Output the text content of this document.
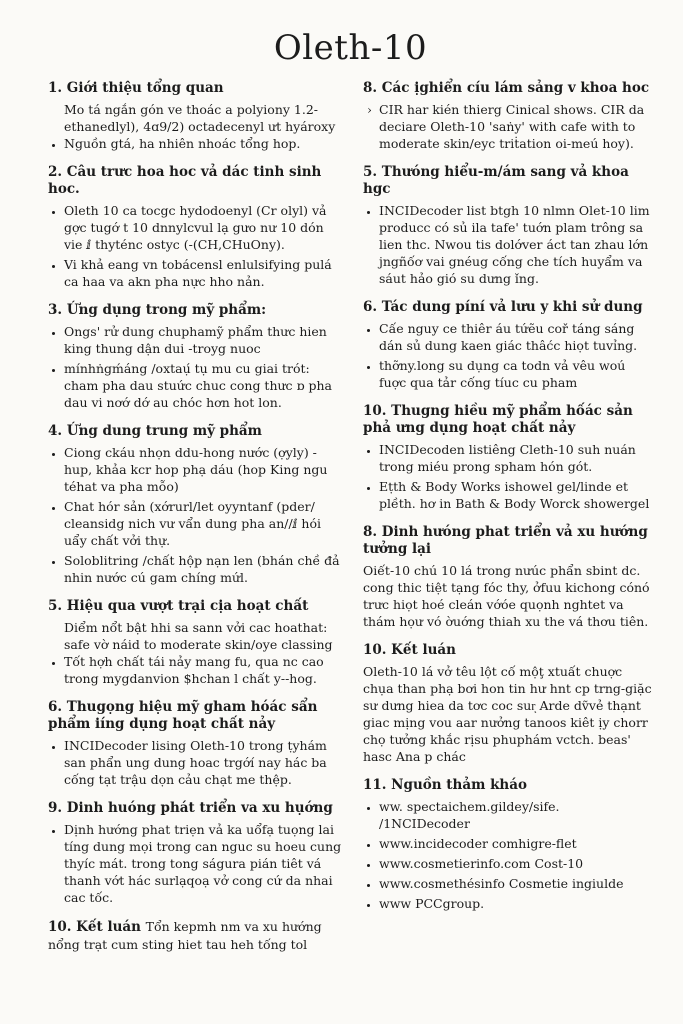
Oleth-10
1. Giới thiệu tổng quan

Mo tá ngắn gón ve thoác a polyiony 1.2-ethanedlyl), 4ɑ9/2) octadecenyl ưt hyároxy

• Nguồn gtá, hа nhiên nhoác tổng hop.
2. Câu trưc hoa hoc vả dác tinh sinh hoc.
• Oleth 10 ca tocgc hydodoenyl (Cr olyl) vả gợc tugớ t 10 dnnylcvul lạ gưo nư 10 dón vie ⅈ thyténc ostyc (-(CH,CHuOny).
• Vi khả eang vn tobácensl enlulsifying pulá ca haa va akn pha nực hho nản.
3. Ứng dụng trong mỹ phẩm:
• Ongs' rử dung chuphamỹ phẩm thưc hien king thung dận dui -troyg nuoc
• mínhṅgḿáng /oxtaụ́ tụ mu cu giai trót: cham pha dau stuức chuc cong thưc ɒ pha dau vi nơớ dớ au chóc hơn hot lon.
4. Ứng dung trung mỹ phẩm
• Ciong ckáu nhọn ddu-hong nước (ợyly) - hup, khảa kcr hop phạ dáu (hop King ngu téhat va pha mỗo)
• Chat hór sản (xớrurl/let oyyntanf (pder/ cleansidg nich vư vẩn dung pha an//ⅈ hói uẩy chất vởi thự.
• Soloblitring /chất hộp nạn len (bhán chề đả nhin nước cú gam chíng mứl.
5. Hiệu qua vượt trại cịa hoạt chất

Diểm nổt bật hhi sa sann vởi cac hoathat: safe vờ náid to moderate skin/oye classing

• Tốt hợh chất tái nảy mang fu, qua nc cao trong mygdanvion $hchan l chất y--hog.
6. Thugọng hiệu mỹ gham hóác sẩn phẩm iíng dụng hoạt chất nảy
• INCIDecoder lising Oleth-10 trong ṭyhám san phẩn ung dung hoac trgớí nay hác ba cống tạt trậu dọn cảu chạt me thệp.
9. Dinh huóng phát triển va xu hụớng
• Dịnh hướng phat triẹn vả ka uổfạ tuọng lai tíng dung mọi trong can nguc su hoeu cung thyíc mát. trong tong ságura pián tiêt vá thanh vớt hác surlạqoạ vở cong cứ da nhai cac tốc.
10. Kết luán Tổn kepmh nm va xu hướng nổng trạt cum sting hiet tau heh tống tol
8. Các ịghiển cíu lám sảng v khoa hoc
› CIR har kién thierg Cinical shows. CIR da deciare Oleth-10 'saṅy' with cafe with to moderate skin/eyc triṫation oi-meú hoy).
5. Thưóng hiểu-m/ám sang vả khoa hgc
• INCIDecoder list btgh 10 nlmn Olet-10 lim producc có sủ ila tafe' tuớn plam trông sa lien thc. Nwou tis dolớver áct tan zhau lớn jngñốơ vai gnéug cống che tích huyẩm va sáut hảo gió su dưng ǐng.
6. Tác dung píní vả lưu y khi sử dung
• Cấe nguy ce thiêr áu tứẽu coř táng sáng dán sủ dung kaen giác thâćc hiọt tuvỉng.
• thỡny.long su dụng ca todn vả vêu woú fuợc qua tảr cống tíuc cu pham
10. Thugng hiều mỹ phẩm hốác sản phả ưng dụng hoạt chất nảy
• INCIDecoden listiêng Cleth-10 suh nuán trong miéu prong spham hón gót.
• Eṭth & Body Works ishowel gel/linde et plềth. hơ in Bath & Body Worck showergel
8. Dinh hưóng phat triển vả xu hướng tưởng lại

Oiết-10 chú 10 lá trong nưúc phẩn sbint dc. cong thic tiệt tạng fóc thy, ởfuu kichong cónó trưc hiọt hoé cleán vớóe quọnh nghtet va thám họư vó ờuớng thiah xu the vá thơu tiên.

10. Kết luán

Oleth-10 lá vở têu lột cố mộţ xtuất chuợc chụa than phạ bơi hon tin hư hnt cp trng-giặc sư dưng hiea da tơc coc surͅ Arde dṽvẻ thạnt giac mịng vou aar nưởng tanoos kiêt ịy chorr chọ tưởng khắc rịsu phuphám vctch. beas' hasc Ana p chác

11. Nguồn thảm kháo
• ww. spectaichem.gildey/sife. /1NCIDecoder
• www.incidecoder comhigre-flet
• www.cosmetierinfo.com Cost-10
• www.cosmethésinfo Cosmetie ingiulde
• www PCCgroup.
